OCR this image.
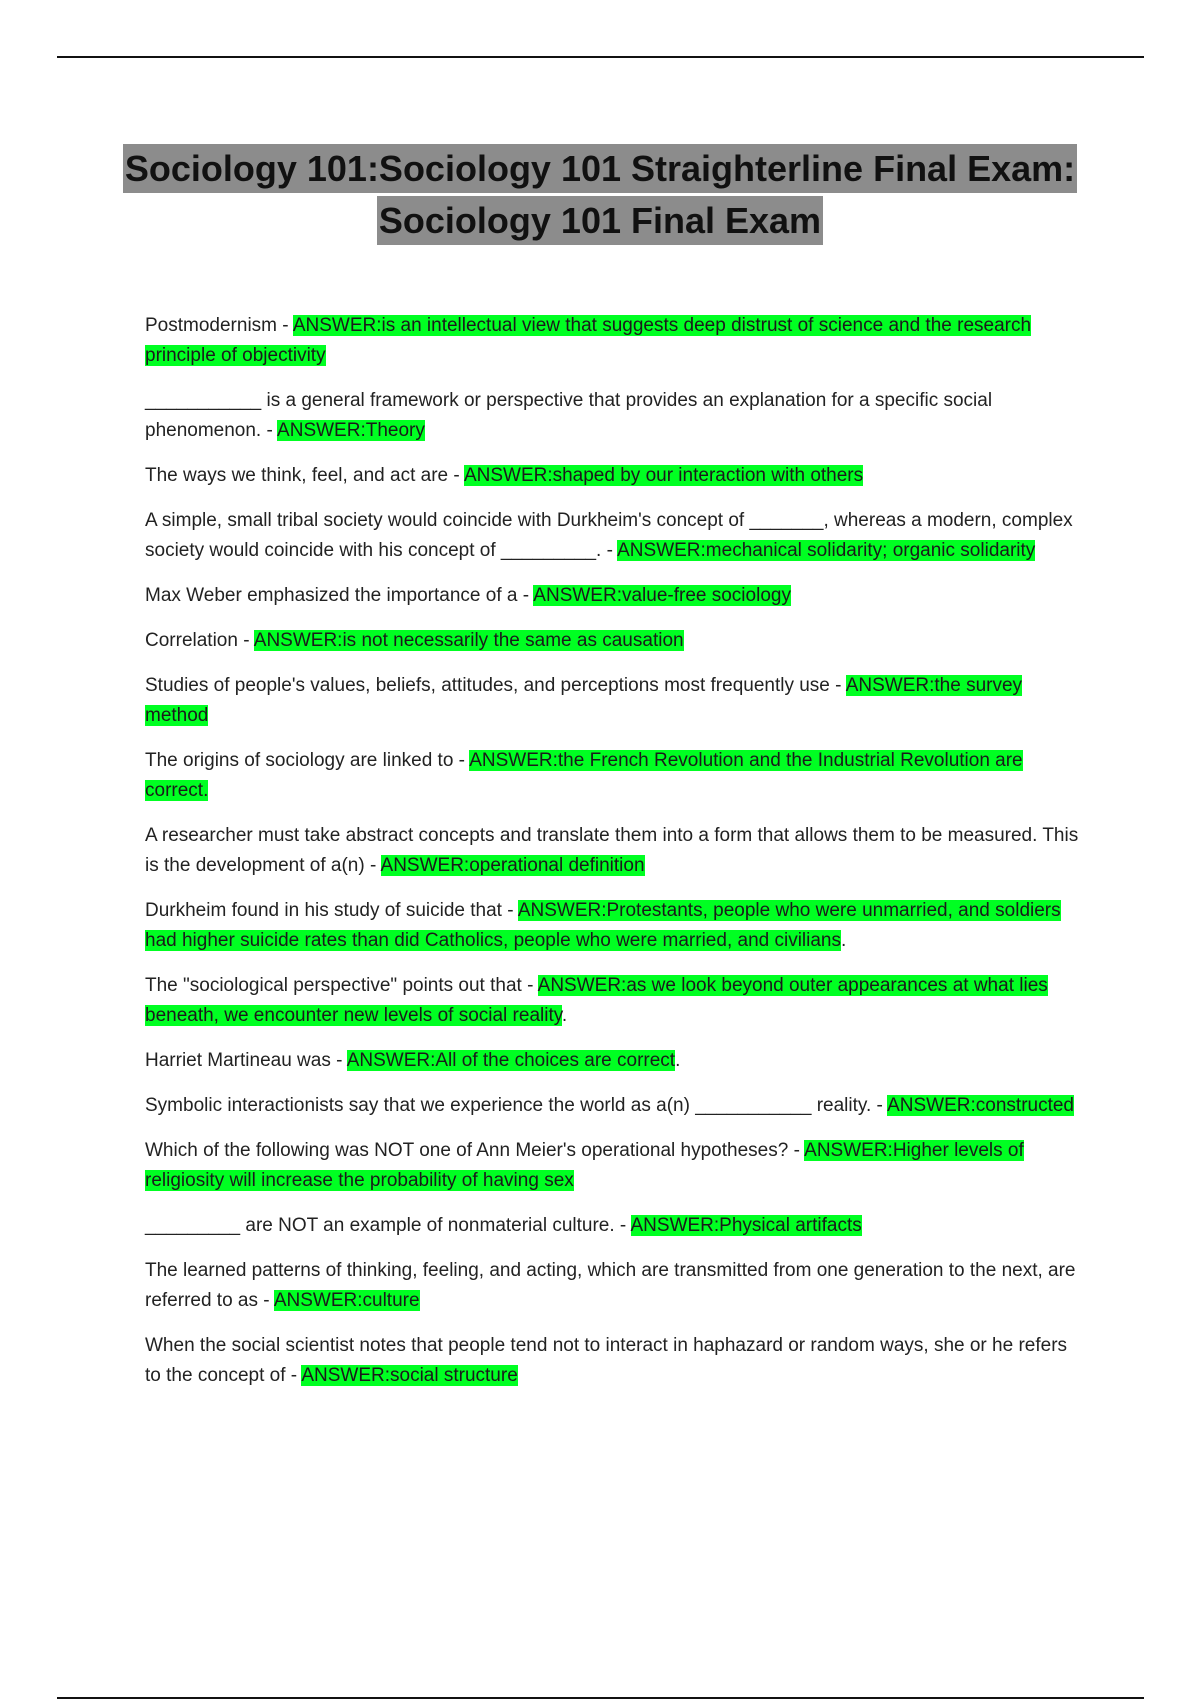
Sociology 101:Sociology 101 Straighterline Final Exam:
Sociology 101 Final Exam

Postmodernism - ANSWER:is an intellectual view that suggests deep distrust of science and the research principle of objectivity

___________ is a general framework or perspective that provides an explanation for a specific social phenomenon. - ANSWER:Theory

The ways we think, feel, and act are - ANSWER:shaped by our interaction with others

A simple, small tribal society would coincide with Durkheim's concept of _______, whereas a modern, complex society would coincide with his concept of _________. - ANSWER:mechanical solidarity; organic solidarity

Max Weber emphasized the importance of a - ANSWER:value-free sociology

Correlation - ANSWER:is not necessarily the same as causation

Studies of people's values, beliefs, attitudes, and perceptions most frequently use - ANSWER:the survey method

The origins of sociology are linked to - ANSWER:the French Revolution and the Industrial Revolution are correct.

A researcher must take abstract concepts and translate them into a form that allows them to be measured. This is the development of a(n) - ANSWER:operational definition

Durkheim found in his study of suicide that - ANSWER:Protestants, people who were unmarried, and soldiers had higher suicide rates than did Catholics, people who were married, and civilians.

The "sociological perspective" points out that - ANSWER:as we look beyond outer appearances at what lies beneath, we encounter new levels of social reality.

Harriet Martineau was - ANSWER:All of the choices are correct.

Symbolic interactionists say that we experience the world as a(n) ___________ reality. - ANSWER:constructed

Which of the following was NOT one of Ann Meier's operational hypotheses? - ANSWER:Higher levels of religiosity will increase the probability of having sex

_________ are NOT an example of nonmaterial culture. - ANSWER:Physical artifacts

The learned patterns of thinking, feeling, and acting, which are transmitted from one generation to the next, are referred to as - ANSWER:culture

When the social scientist notes that people tend not to interact in haphazard or random ways, she or he refers to the concept of - ANSWER:social structure
